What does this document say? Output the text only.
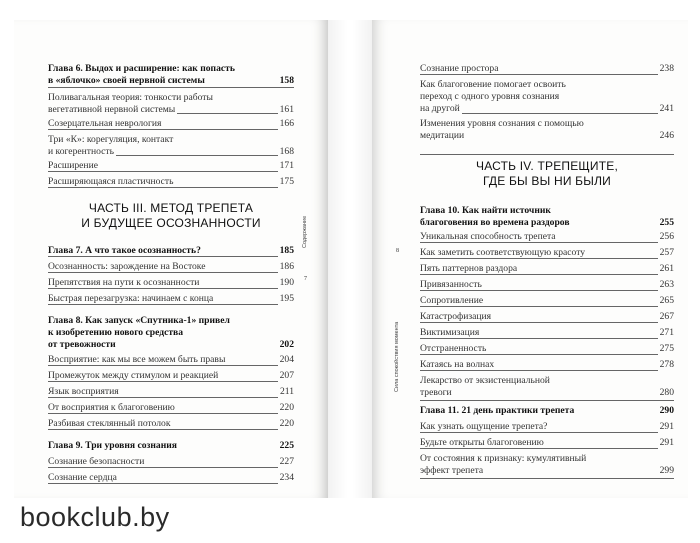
Глава 6. Выдох и расширение: как попасть
в «яблочко» своей нервной системы	158
Поливагальная теория: тонкости работы
вегетативной нервной системы	161
Созерцательная неврология	166
Три «К»: корегуляция, контакт
и когерентность	168
Расширение	171
Расширяющаяся пластичность	175
Глава 7. А что такое осознанность?	185
Осознанность: зарождение на Востоке	186
Препятствия на пути к осознанности	190
Быстрая перезагрузка: начинаем с конца	195
Глава 8. Как запуск «Спутника-1» привел
к изобретению нового средства
от тревожности	202
Восприятие: как мы все можем быть правы	204
Промежуток между стимулом и реакцией	207
Язык восприятия	211
От восприятия к благоговению	220
Разбивая стеклянный потолок	220
Глава 9. Три уровня сознания	225
Сознание безопасности	227
Сознание сердца	234
ЧАСТЬ III. МЕТОД ТРЕПЕТА
И БУДУЩЕЕ ОСОЗНАННОСТИ	Содержание
7
Сознание простора	238
Как благоговение помогает освоить
переход с одного уровня сознания
на другой	241
Изменения уровня сознания с помощью
медитации	246
Глава 10. Как найти источник
благоговения во времена раздоров	255
Уникальная способность трепета	256
Как заметить соответствующую красоту	257
Пять паттернов раздора	261
Привязанность	263
Сопротивление	265
Катастрофизация	267
Виктимизация	271
Отстраненность	275
Катаясь на волнах	278
Лекарство от экзистенциальной
тревоги	280
Глава 11. 21 день практики трепета	290
Как узнать ощущение трепета?	291
Будьте открыты благоговению	291
От состояния к признаку: кумулятивный
эффект трепета	299
ЧАСТЬ IV. ТРЕПЕЩИТЕ,
ГДЕ БЫ ВЫ НИ БЫЛИ
Сила спокойствия момента
8
bookclub.by
